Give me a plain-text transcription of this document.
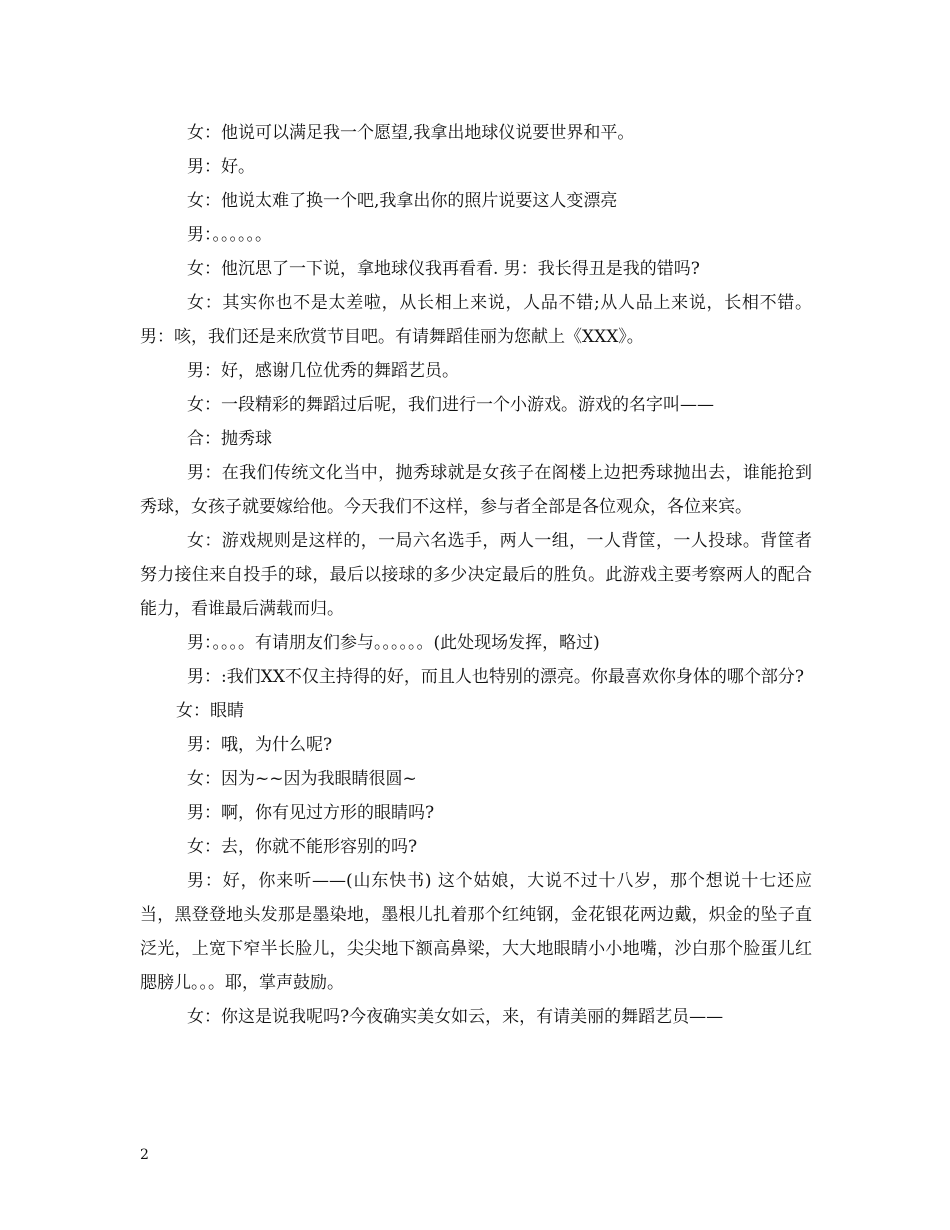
女：他说可以满足我一个愿望,我拿出地球仪说要世界和平。

男：好。

女：他说太难了换一个吧,我拿出你的照片说要这人变漂亮

男：。。。。。。

女：他沉思了一下说，拿地球仪我再看看. 男：我长得丑是我的错吗?

女：其实你也不是太差啦，从长相上来说，人品不错;从人品上来说，长相不错。 男：咳，我们还是来欣赏节目吧。有请舞蹈佳丽为您献上《XXX》。

男：好，感谢几位优秀的舞蹈艺员。

女：一段精彩的舞蹈过后呢，我们进行一个小游戏。游戏的名字叫——

合：抛秀球

男：在我们传统文化当中，抛秀球就是女孩子在阁楼上边把秀球抛出去，谁能抢到秀球，女孩子就要嫁给他。今天我们不这样，参与者全部是各位观众，各位来宾。

女：游戏规则是这样的，一局六名选手，两人一组，一人背筐，一人投球。背筐者努力接住来自投手的球，最后以接球的多少决定最后的胜负。此游戏主要考察两人的配合能力，看谁最后满载而归。

男：。。。。有请朋友们参与。。。。。。(此处现场发挥，略过)

男：:我们XX不仅主持得的好，而且人也特别的漂亮。你最喜欢你身体的哪个部分?

女：眼睛

男：哦，为什么呢?

女：因为~~因为我眼睛很圆~

男：啊，你有见过方形的眼睛吗?

女：去，你就不能形容别的吗?

男：好，你来听——(山东快书) 这个姑娘，大说不过十八岁，那个想说十七还应当，黑登登地头发那是墨染地，墨根儿扎着那个红纯钢，金花银花两边戴，炽金的坠子直泛光，上宽下窄半长脸儿，尖尖地下额高鼻梁，大大地眼睛小小地嘴，沙白那个脸蛋儿红腮膀儿。。。耶，掌声鼓励。

女：你这是说我呢吗?今夜确实美女如云，来，有请美丽的舞蹈艺员——

2
